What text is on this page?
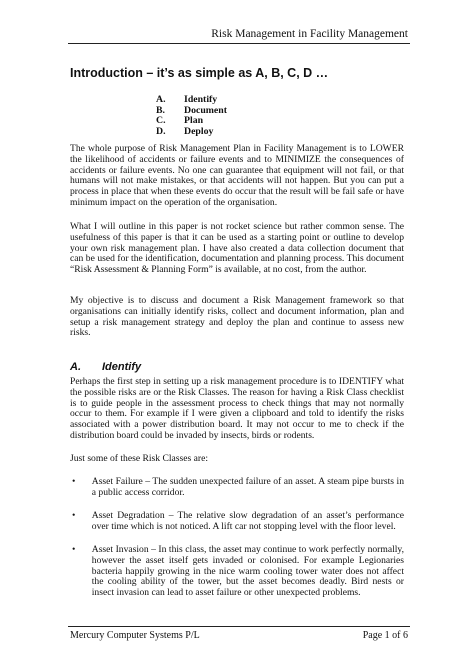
Risk Management in Facility Management
Introduction – it’s as simple as A, B, C, D …
A.	Identify
B.	Document
C.	Plan
D.	Deploy

The whole purpose of Risk Management Plan in Facility Management is to LOWER the likelihood of accidents or failure events and to MINIMIZE the consequences of accidents or failure events. No one can guarantee that equipment will not fail, or that humans will not make mistakes, or that accidents will not happen. But you can put a process in place that when these events do occur that the result will be fail safe or have minimum impact on the operation of the organisation.

What I will outline in this paper is not rocket science but rather common sense. The usefulness of this paper is that it can be used as a starting point or outline to develop your own risk management plan. I have also created a data collection document that can be used for the identification, documentation and planning process. This document “Risk Assessment & Planning Form” is available, at no cost, from the author.

My objective is to discuss and document a Risk Management framework so that organisations can initially identify risks, collect and document information, plan and setup a risk management strategy and deploy the plan and continue to assess new risks.

A.	Identify

Perhaps the first step in setting up a risk management procedure is to IDENTIFY what the possible risks are or the Risk Classes. The reason for having a Risk Class checklist is to guide people in the assessment process to check things that may not normally occur to them. For example if I were given a clipboard and told to identify the risks associated with a power distribution board. It may not occur to me to check if the distribution board could be invaded by insects, birds or rodents.

Just some of these Risk Classes are:

•	Asset Failure – The sudden unexpected failure of an asset. A steam pipe bursts in a public access corridor.

•	Asset Degradation – The relative slow degradation of an asset’s performance over time which is not noticed. A lift car not stopping level with the floor level.

•	Asset Invasion – In this class, the asset may continue to work perfectly normally, however the asset itself gets invaded or colonised. For example Legionaries bacteria happily growing in the nice warm cooling tower water does not affect the cooling ability of the tower, but the asset becomes deadly. Bird nests or insect invasion can lead to asset failure or other unexpected problems.

Mercury Computer Systems P/L	Page 1 of 6
